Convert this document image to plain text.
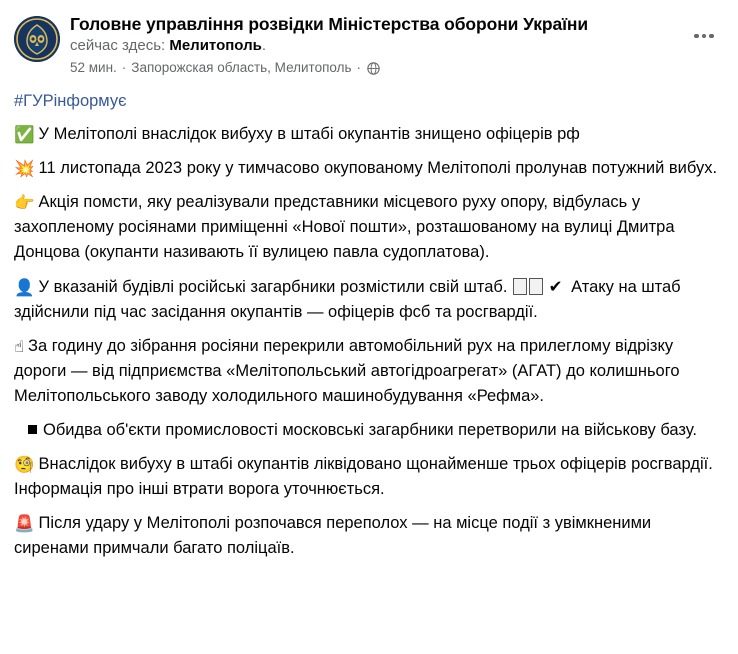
Головне управління розвідки Міністерства оборони України
сейчас здесь: Мелитополь.
52 мин. · Запорожская область, Мелитополь ·
#ГУРінформує

✅ У Мелітополі внаслідок вибуху в штабі окупантів знищено офіцерів рф

💥 11 листопада 2023 року у тимчасово окупованому Мелітополі пролунав потужний вибух.

👉 Акція помсти, яку реалізували представники місцевого руху опору, відбулась у захопленому росіянами приміщенні «Нової пошти», розташованому на вулиці Дмитра Донцова (окупанти називають її вулицею павла судоплатова).

👤 У вказаній будівлі російські загарбники розмістили свій штаб. ✔ Атаку на штаб здійснили під час засідання окупантів — офіцерів фсб та росгвардії.

☝ За годину до зібрання росіяни перекрили автомобільний рух на прилеглому відрізку дороги — від підприємства «Мелітопольський автогідроагрегат» (АГАТ) до колишнього Мелітопольського заводу холодильного машинобудування «Рефма».

Обидва об'єкти промисловості московські загарбники перетворили на військову базу.

🧐 Внаслідок вибуху в штабі окупантів ліквідовано щонайменше трьох офіцерів росгвардії. Інформація про інші втрати ворога уточнюється.

🚨 Після удару у Мелітополі розпочався переполох — на місце події з увімкненими сиренами примчали багато поліцаїв.
